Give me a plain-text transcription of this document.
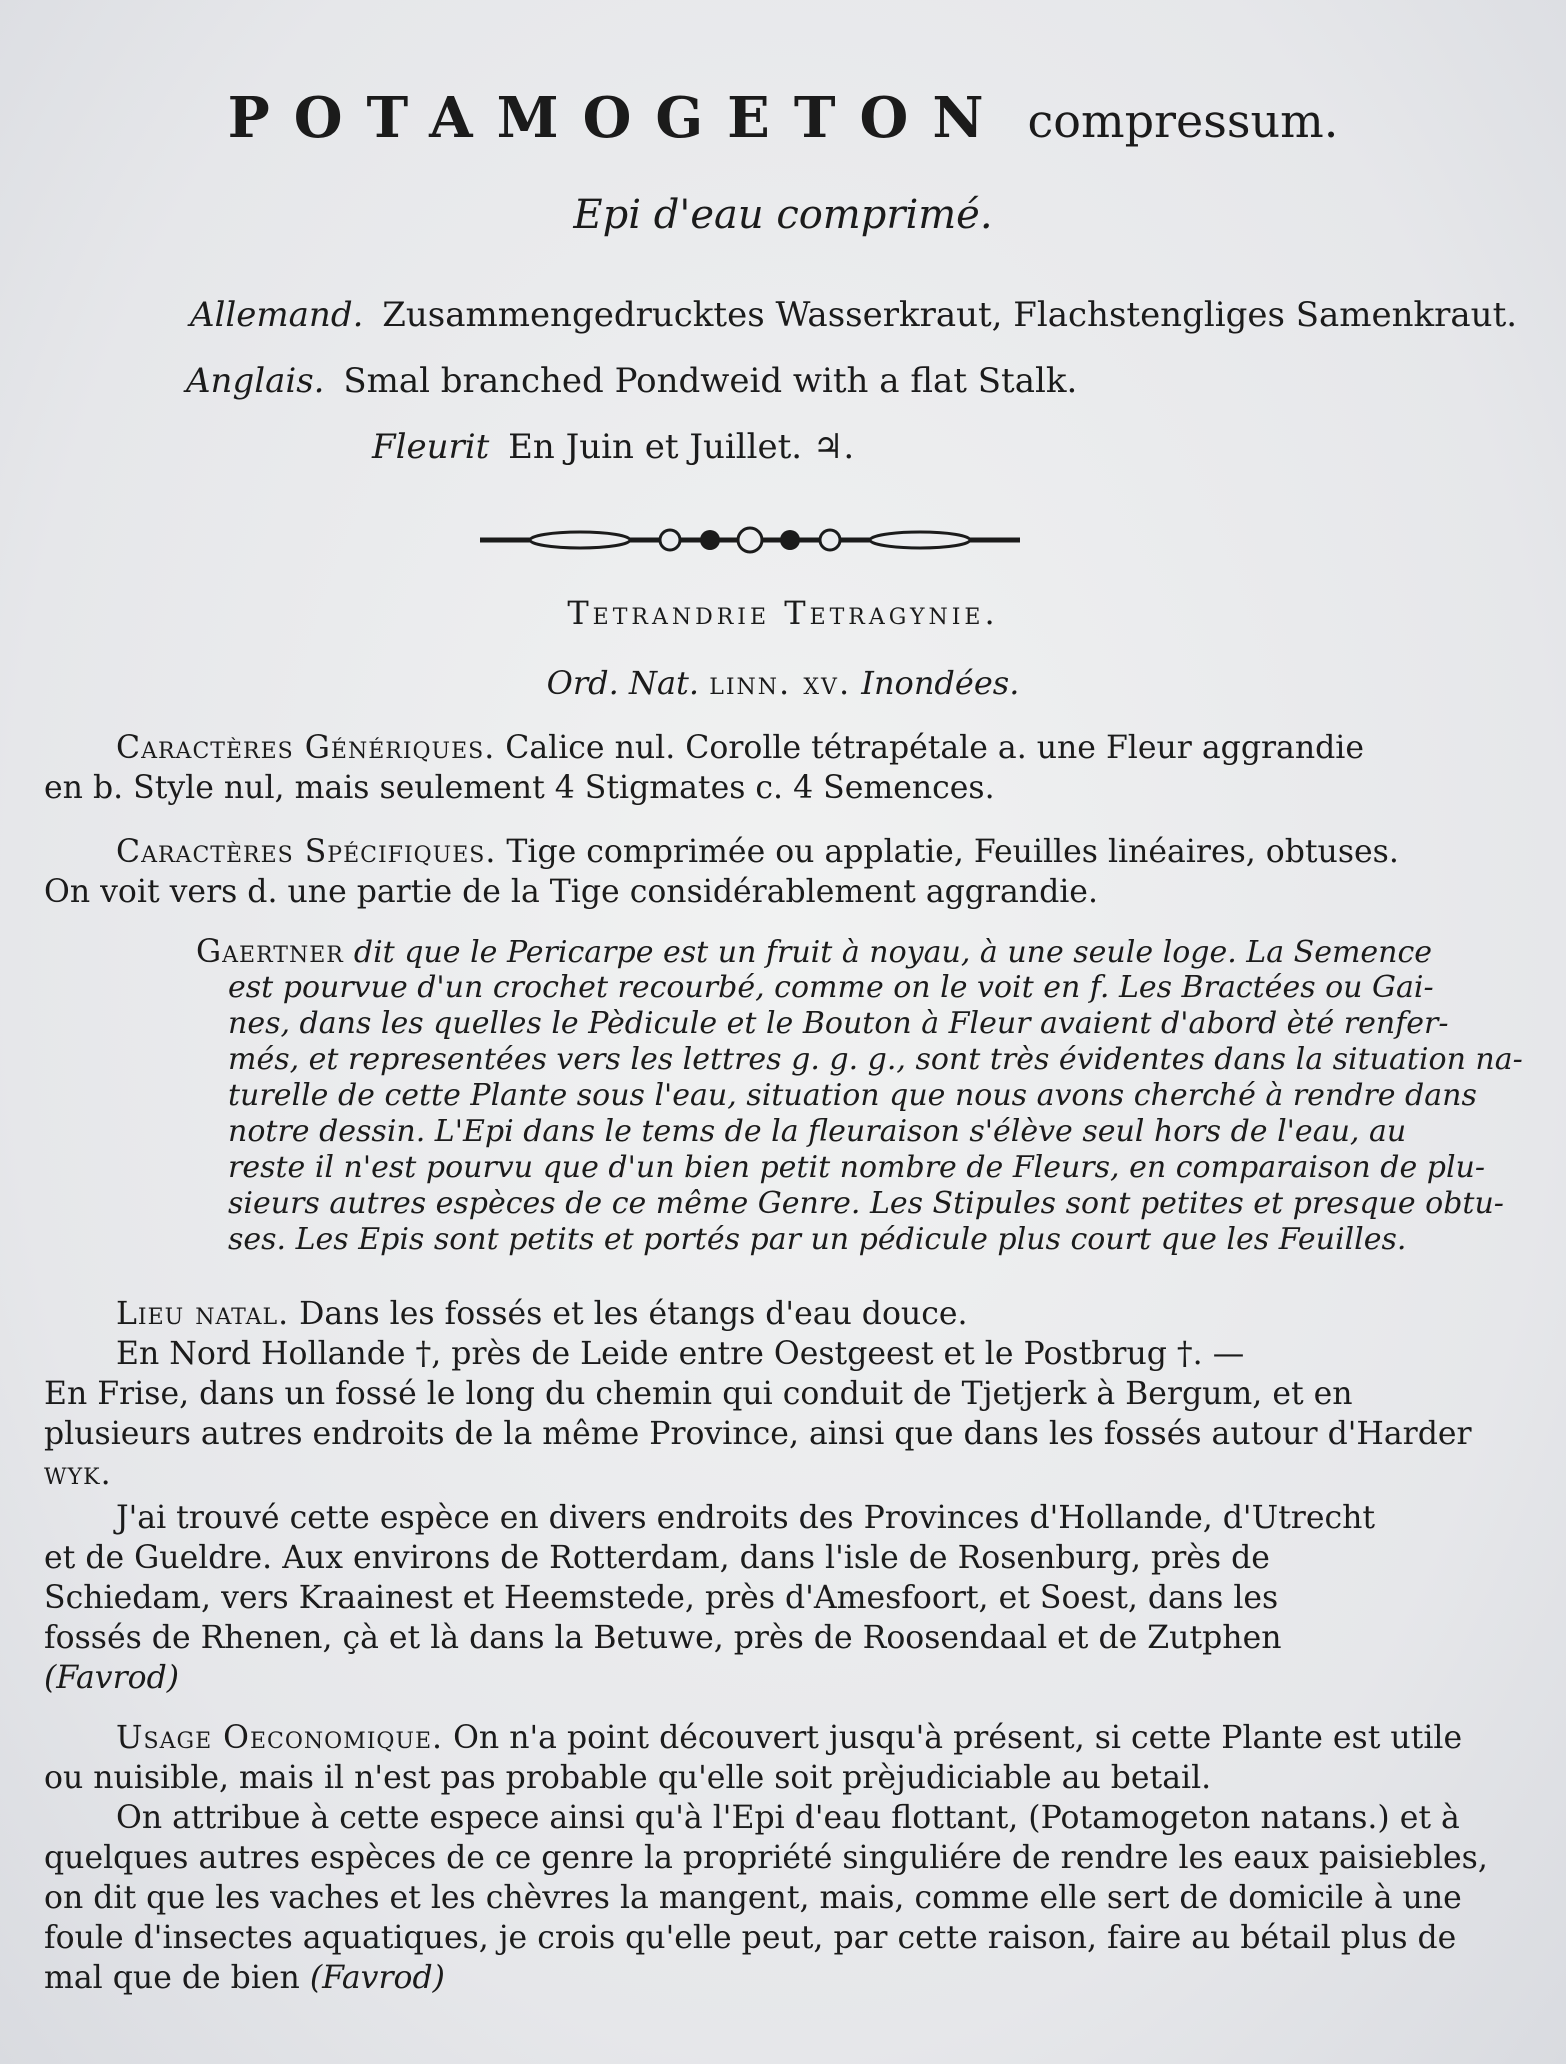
POTAMOGETON compressum.
Epi d'eau comprimé.
Allemand. Zusammengedrucktes Wasserkraut, Flachstengliges Samenkraut.
Anglais. Smal branched Pondweid with a flat Stalk.
Fleurit En Juin et Juillet. ♃.
Tetrandrie Tetragynie.
Ord. Nat. linn. xv. Inondées.
Caractères Génériques. Calice nul. Corolle tétrapétale a. une Fleur aggrandie
en b. Style nul, mais seulement 4 Stigmates c. 4 Semences.
Caractères Spécifiques. Tige comprimée ou applatie, Feuilles linéaires, obtuses.
On voit vers d. une partie de la Tige considérablement aggrandie.
Gaertner dit que le Pericarpe est un fruit à noyau, à une seule loge. La Semence
est pourvue d'un crochet recourbé, comme on le voit en f. Les Bractées ou Gai-
nes, dans les quelles le Pèdicule et le Bouton à Fleur avaient d'abord èté renfer-
més, et representées vers les lettres g. g. g., sont très évidentes dans la situation na-
turelle de cette Plante sous l'eau, situation que nous avons cherché à rendre dans
notre dessin. L'Epi dans le tems de la fleuraison s'élève seul hors de l'eau, au
reste il n'est pourvu que d'un bien petit nombre de Fleurs, en comparaison de plu-
sieurs autres espèces de ce même Genre. Les Stipules sont petites et presque obtu-
ses. Les Epis sont petits et portés par un pédicule plus court que les Feuilles.
Lieu natal. Dans les fossés et les étangs d'eau douce.
En Nord Hollande †, près de Leide entre Oestgeest et le Postbrug †. —
En Frise, dans un fossé le long du chemin qui conduit de Tjetjerk à Bergum, et en
plusieurs autres endroits de la même Province, ainsi que dans les fossés autour d'Harder
wyk.
J'ai trouvé cette espèce en divers endroits des Provinces d'Hollande, d'Utrecht
et de Gueldre. Aux environs de Rotterdam, dans l'isle de Rosenburg, près de
Schiedam, vers Kraainest et Heemstede, près d'Amesfoort, et Soest, dans les
fossés de Rhenen, çà et là dans la Betuwe, près de Roosendaal et de Zutphen
(Favrod)
Usage Oeconomique. On n'a point découvert jusqu'à présent, si cette Plante est utile
ou nuisible, mais il n'est pas probable qu'elle soit prèjudiciable au betail.
On attribue à cette espece ainsi qu'à l'Epi d'eau flottant, (Potamogeton natans.) et à
quelques autres espèces de ce genre la propriété singuliére de rendre les eaux paisiebles,
on dit que les vaches et les chèvres la mangent, mais, comme elle sert de domicile à une
foule d'insectes aquatiques, je crois qu'elle peut, par cette raison, faire au bétail plus de
mal que de bien (Favrod)
